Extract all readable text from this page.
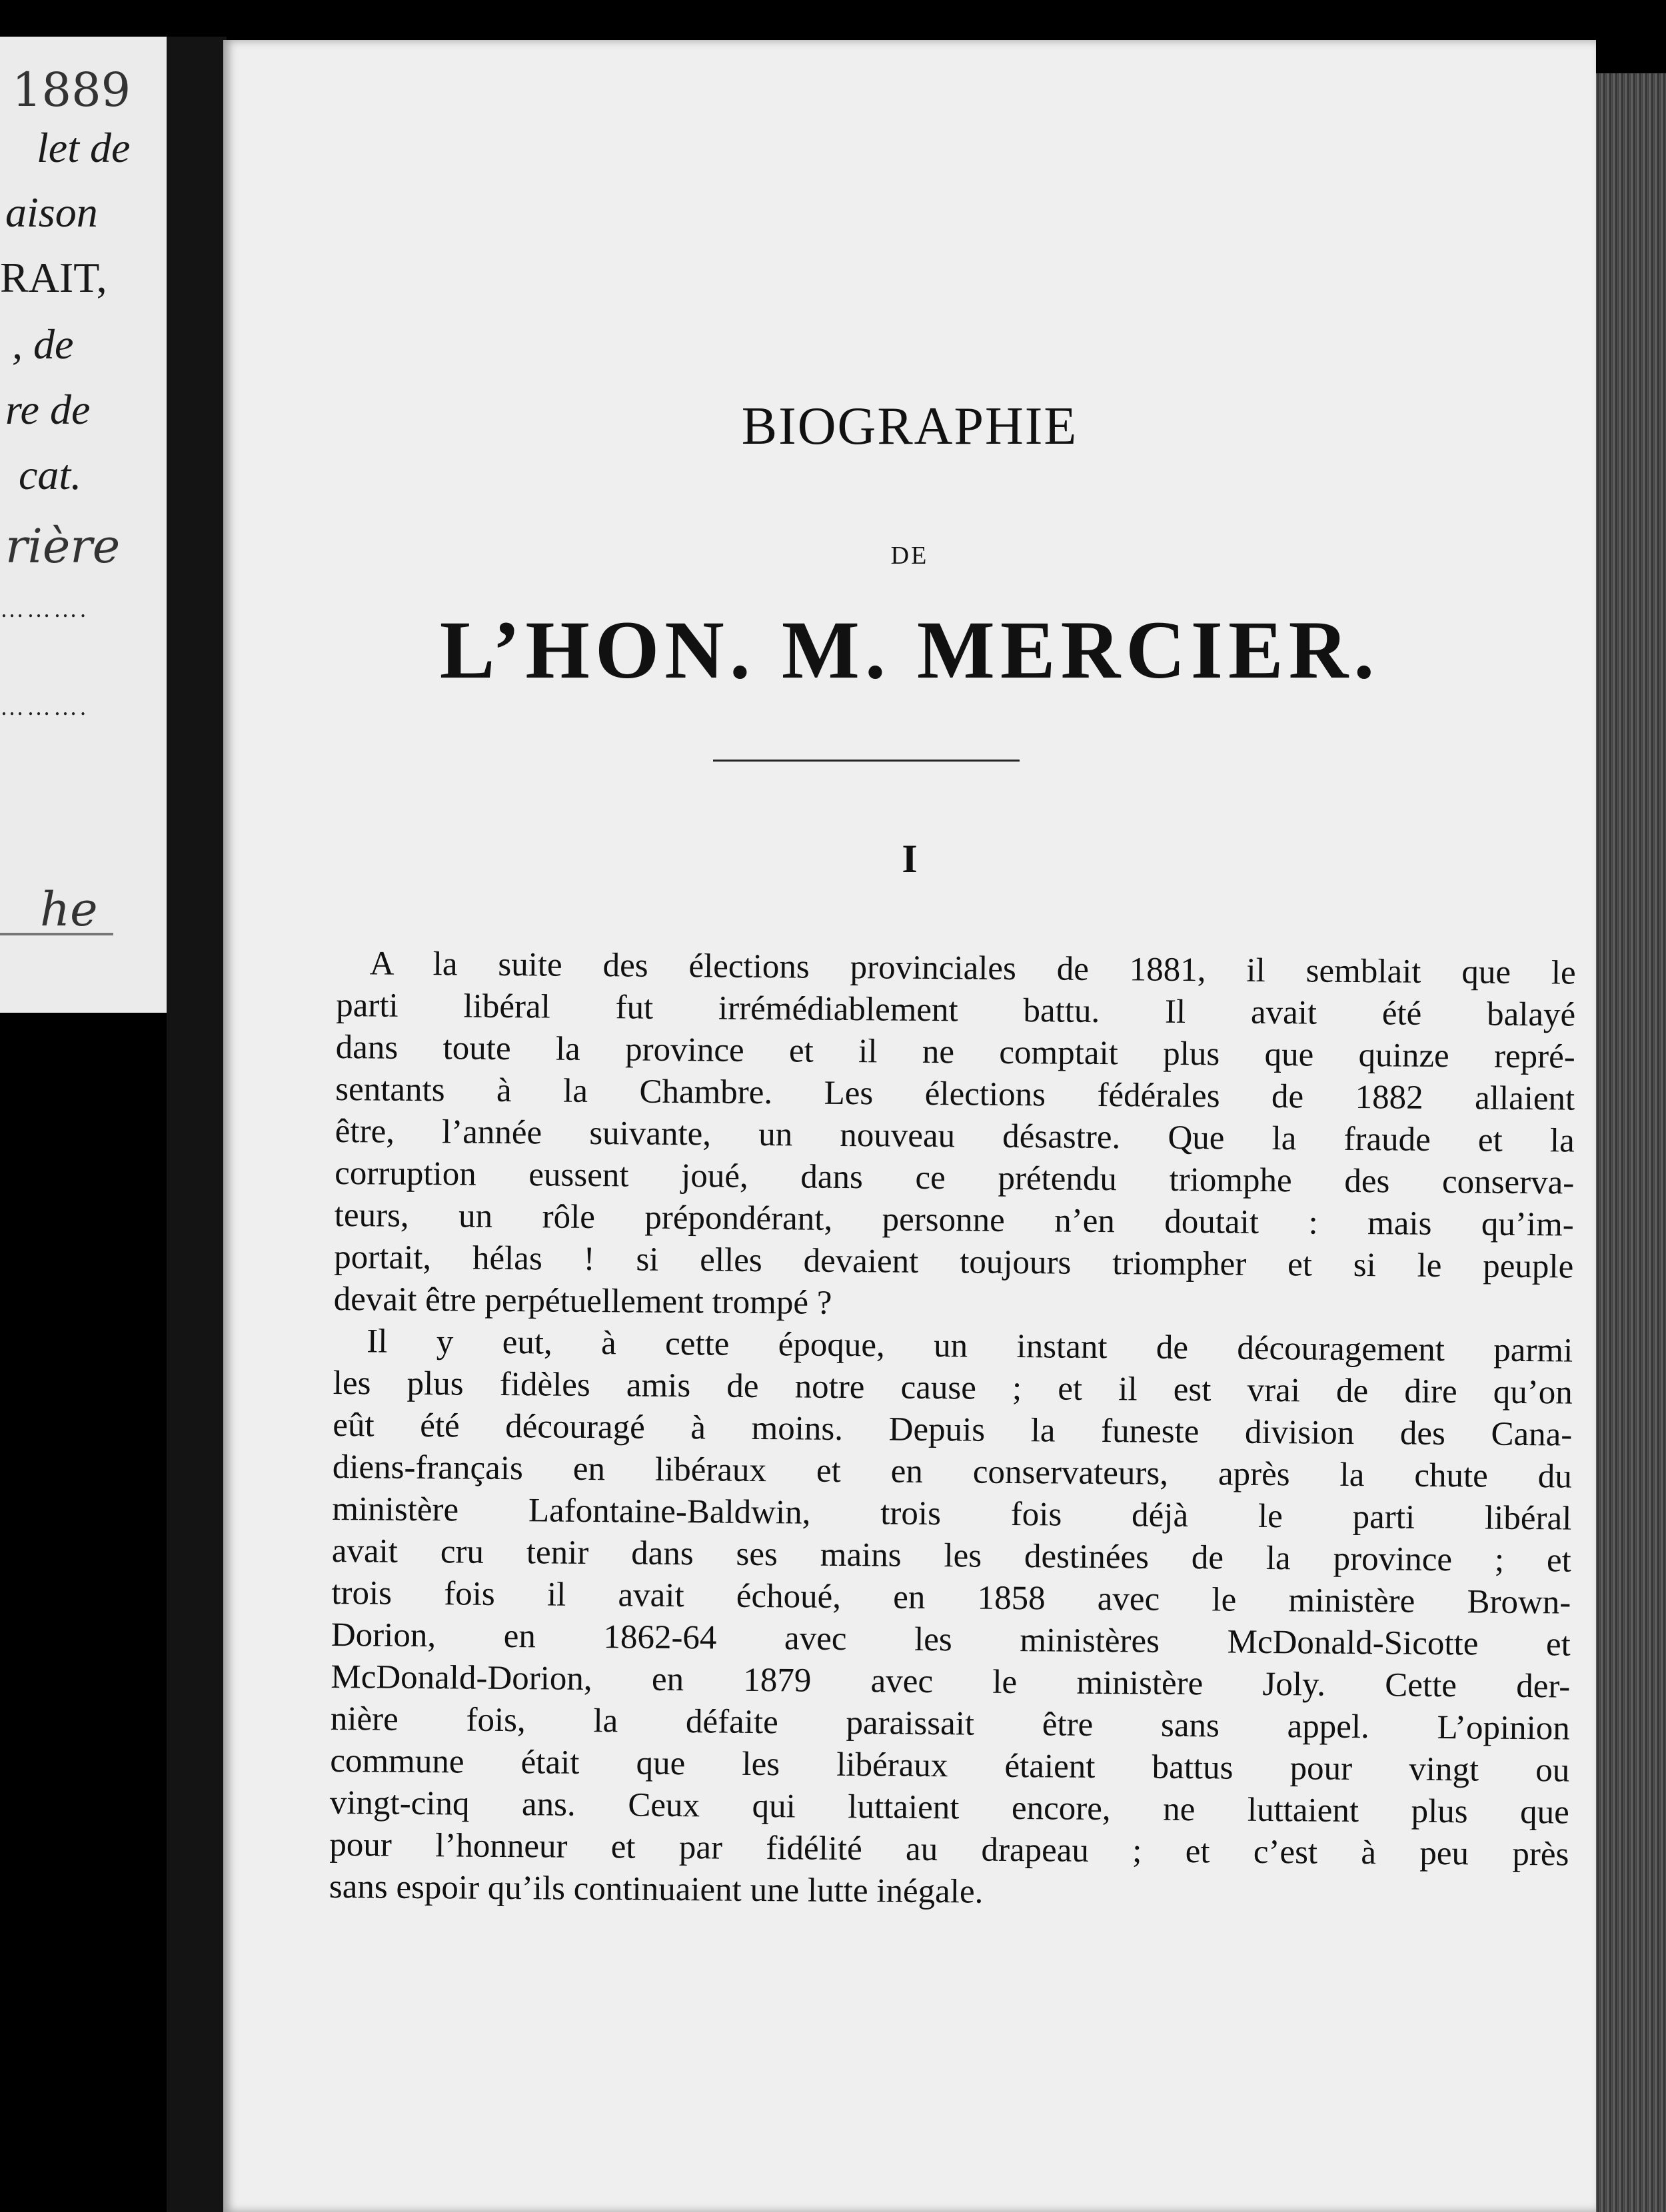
1889
let de
aison
RAIT,
, de
re de
cat.
rière
……….
……….
he
BIOGRAPHIE
DE
L’HON. M. MERCIER.
I

A la suite des élections provinciales de 1881, il semblait que le
parti libéral fut irrémédiablement battu. Il avait été balayé
dans toute la province et il ne comptait plus que quinze repré-
sentants à la Chambre. Les élections fédérales de 1882 allaient
être, l’année suivante, un nouveau désastre. Que la fraude et la
corruption eussent joué, dans ce prétendu triomphe des conserva-
teurs, un rôle prépondérant, personne n’en doutait : mais qu’im-
portait, hélas ! si elles devaient toujours triompher et si le peuple
devait être perpétuellement trompé ?

Il y eut, à cette époque, un instant de découragement parmi
les plus fidèles amis de notre cause ; et il est vrai de dire qu’on
eût été découragé à moins. Depuis la funeste division des Cana-
diens-français en libéraux et en conservateurs, après la chute du
ministère Lafontaine-Baldwin, trois fois déjà le parti libéral
avait cru tenir dans ses mains les destinées de la province ; et
trois fois il avait échoué, en 1858 avec le ministère Brown-
Dorion, en 1862-64 avec les ministères McDonald-Sicotte et
McDonald-Dorion, en 1879 avec le ministère Joly. Cette der-
nière fois, la défaite paraissait être sans appel. L’opinion
commune était que les libéraux étaient battus pour vingt ou
vingt-cinq ans. Ceux qui luttaient encore, ne luttaient plus que
pour l’honneur et par fidélité au drapeau ; et c’est à peu près
sans espoir qu’ils continuaient une lutte inégale.
